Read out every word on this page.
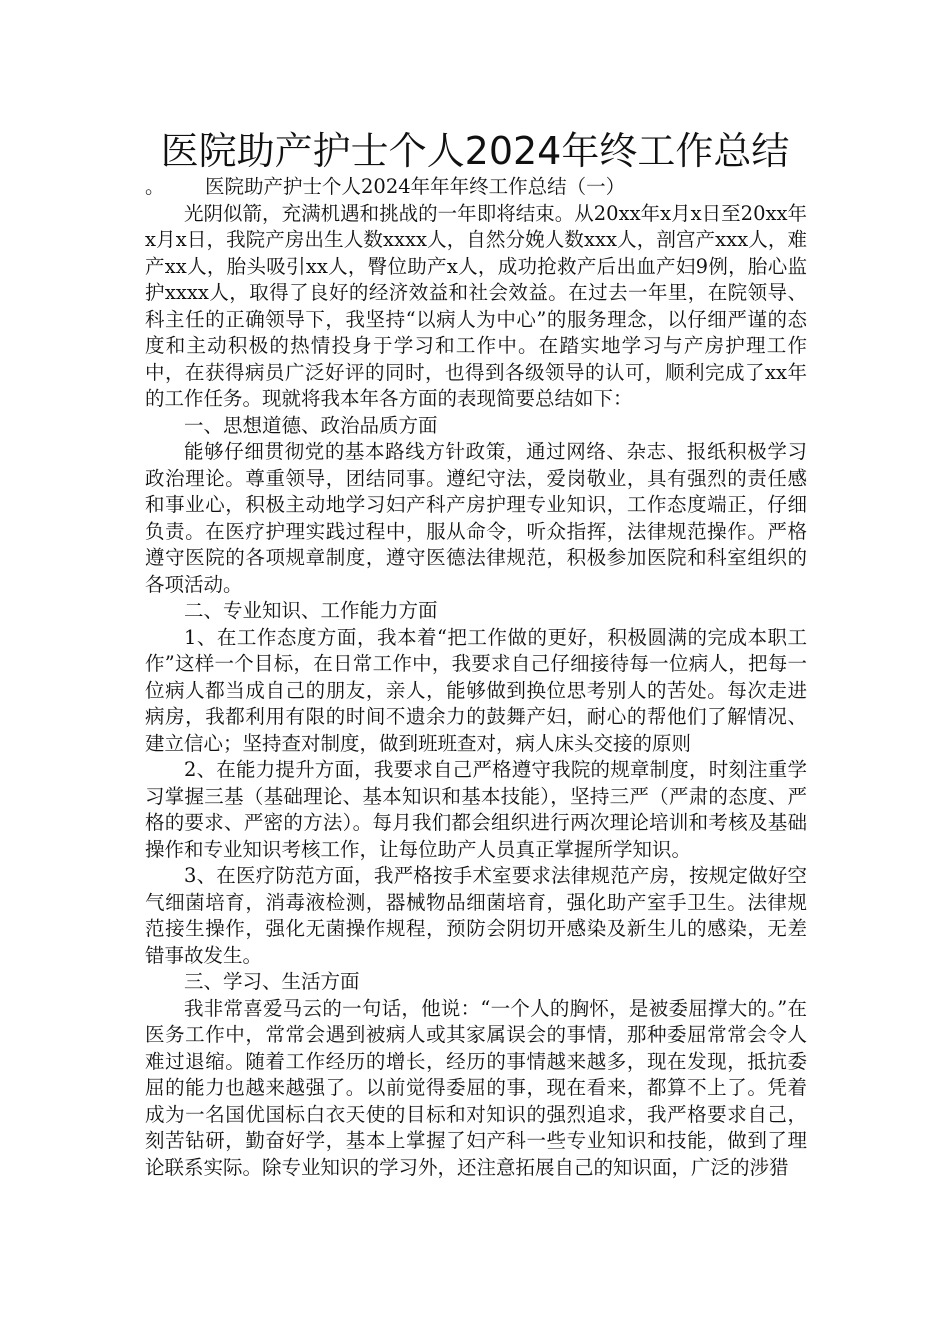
医院助产护士个人2024年终工作总结

。 医院助产护士个人2024年年年终工作总结（一）

光阴似箭，充满机遇和挑战的一年即将结束。从20xx年x月x日至20xx年x月x日，我院产房出生人数xxxx人，自然分娩人数xxx人，剖宫产xxx人，难产xx人，胎头吸引xx人，臀位助产x人，成功抢救产后出血产妇9例，胎心监护xxxx人，取得了良好的经济效益和社会效益。在过去一年里，在院领导、科主任的正确领导下，我坚持“以病人为中心”的服务理念，以仔细严谨的态度和主动积极的热情投身于学习和工作中。在踏实地学习与产房护理工作中，在获得病员广泛好评的同时，也得到各级领导的认可，顺利完成了xx年的工作任务。现就将我本年各方面的表现简要总结如下：

一、思想道德、政治品质方面

能够仔细贯彻党的基本路线方针政策，通过网络、杂志、报纸积极学习政治理论。尊重领导，团结同事。遵纪守法，爱岗敬业，具有强烈的责任感和事业心，积极主动地学习妇产科产房护理专业知识，工作态度端正，仔细负责。在医疗护理实践过程中，服从命令，听众指挥，法律规范操作。严格遵守医院的各项规章制度，遵守医德法律规范，积极参加医院和科室组织的各项活动。

二、专业知识、工作能力方面

1、在工作态度方面，我本着“把工作做的更好，积极圆满的完成本职工作”这样一个目标，在日常工作中，我要求自己仔细接待每一位病人，把每一位病人都当成自己的朋友，亲人，能够做到换位思考别人的苦处。每次走进病房，我都利用有限的时间不遗余力的鼓舞产妇，耐心的帮他们了解情况、建立信心；坚持查对制度，做到班班查对，病人床头交接的原则

2、在能力提升方面，我要求自己严格遵守我院的规章制度，时刻注重学习掌握三基（基础理论、基本知识和基本技能），坚持三严（严肃的态度、严格的要求、严密的方法）。每月我们都会组织进行两次理论培训和考核及基础操作和专业知识考核工作，让每位助产人员真正掌握所学知识。

3、在医疗防范方面，我严格按手术室要求法律规范产房，按规定做好空气细菌培育，消毒液检测，器械物品细菌培育，强化助产室手卫生。法律规范接生操作，强化无菌操作规程，预防会阴切开感染及新生儿的感染，无差错事故发生。

三、学习、生活方面

我非常喜爱马云的一句话，他说：“一个人的胸怀，是被委屈撑大的。”在医务工作中，常常会遇到被病人或其家属误会的事情，那种委屈常常会令人难过退缩。随着工作经历的增长，经历的事情越来越多，现在发现，抵抗委屈的能力也越来越强了。以前觉得委屈的事，现在看来，都算不上了。凭着成为一名国优国标白衣天使的目标和对知识的强烈追求，我严格要求自己，刻苦钻研，勤奋好学，基本上掌握了妇产科一些专业知识和技能，做到了理论联系实际。除专业知识的学习外，还注意拓展自己的知识面，广泛的涉猎
